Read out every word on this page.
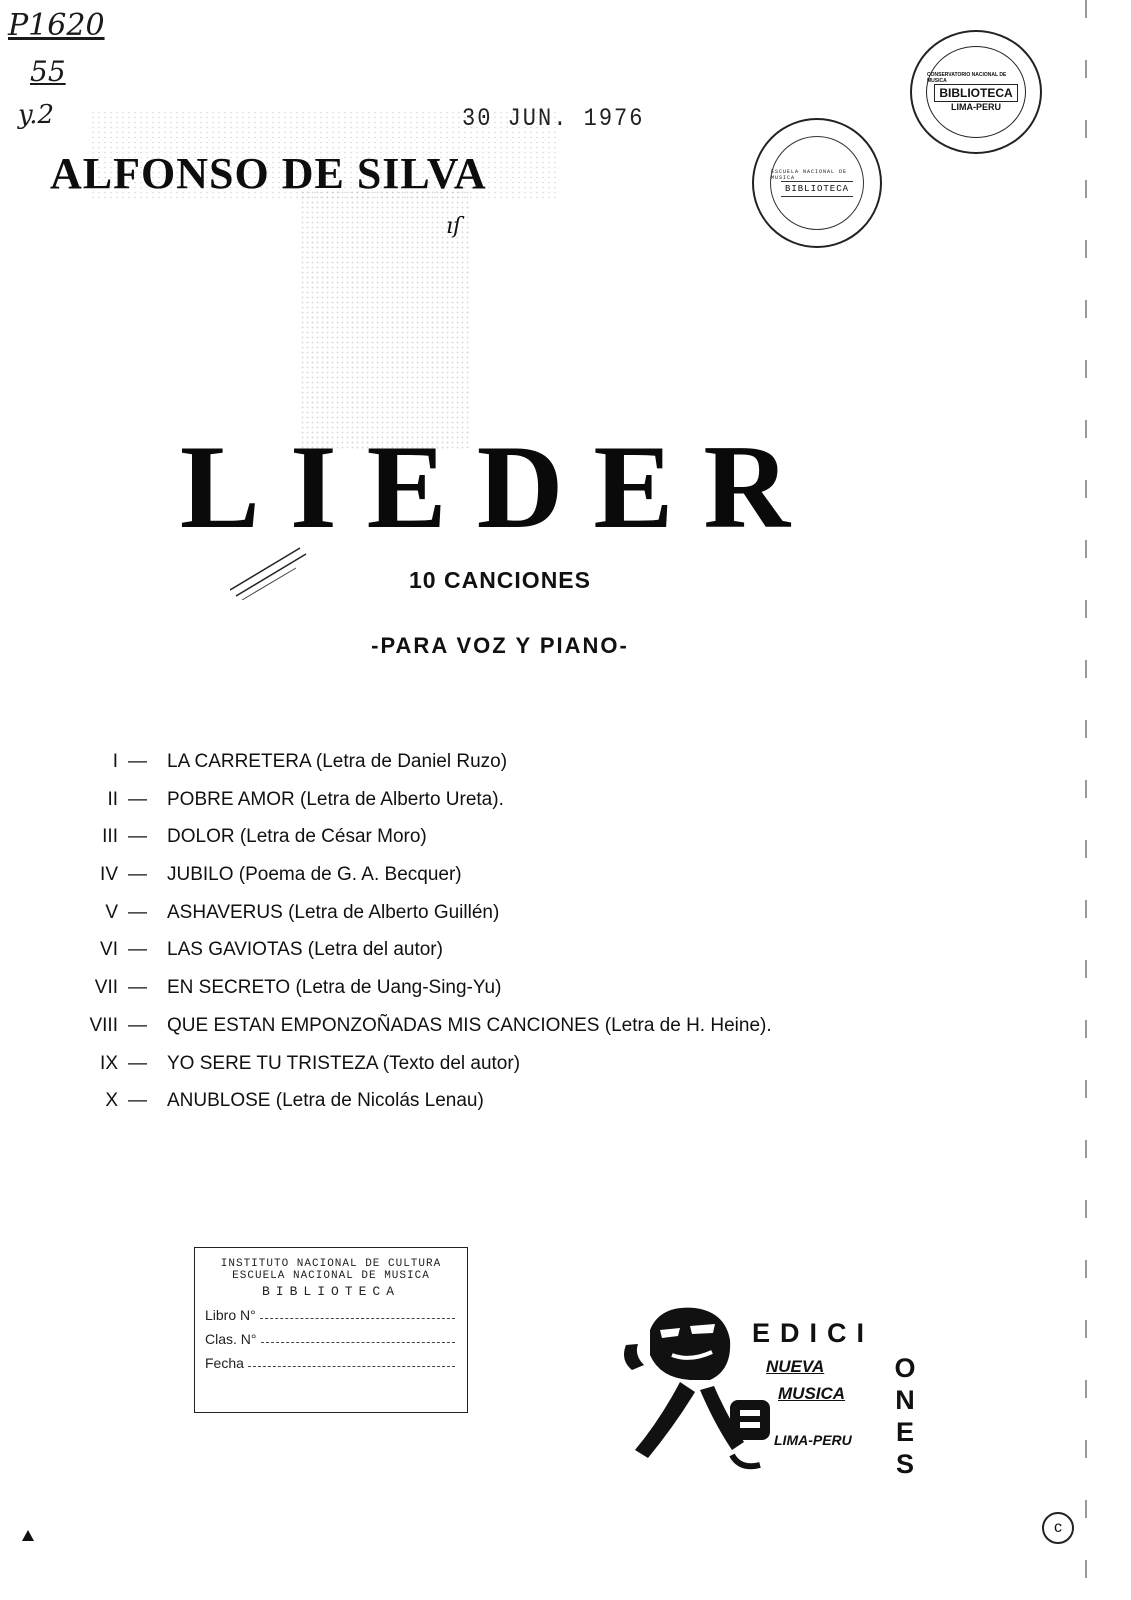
P1620
55
y.2	30 JUN. 1976
ALFONSO DE SILVA
ıſ
CONSERVATORIO NACIONAL DE MUSICA
BIBLIOTECA
LIMA-PERU
ESCUELA NACIONAL DE MUSICA
BIBLIOTECA
LIEDER
10 CANCIONES
-PARA VOZ Y PIANO-
I — LA CARRETERA (Letra de Daniel Ruzo)
II — POBRE AMOR (Letra de Alberto Ureta).
III — DOLOR (Letra de César Moro)
IV — JUBILO (Poema de G. A. Becquer)
V — ASHAVERUS (Letra de Alberto Guillén)
VI — LAS GAVIOTAS (Letra del autor)
VII — EN SECRETO (Letra de Uang-Sing-Yu)
VIII — QUE ESTAN EMPONZOÑADAS MIS CANCIONES (Letra de H. Heine).
IX — YO SERE TU TRISTEZA (Texto del autor)
X — ANUBLOSE (Letra de Nicolás Lenau)
INSTITUTO NACIONAL DE CULTURA
ESCUELA NACIONAL DE MUSICA
BIBLIOTECA
Libro N°
Clas. N°
Fecha
EDICI
O
N
E
S
NUEVA
MUSICA
LIMA-PERU
c
